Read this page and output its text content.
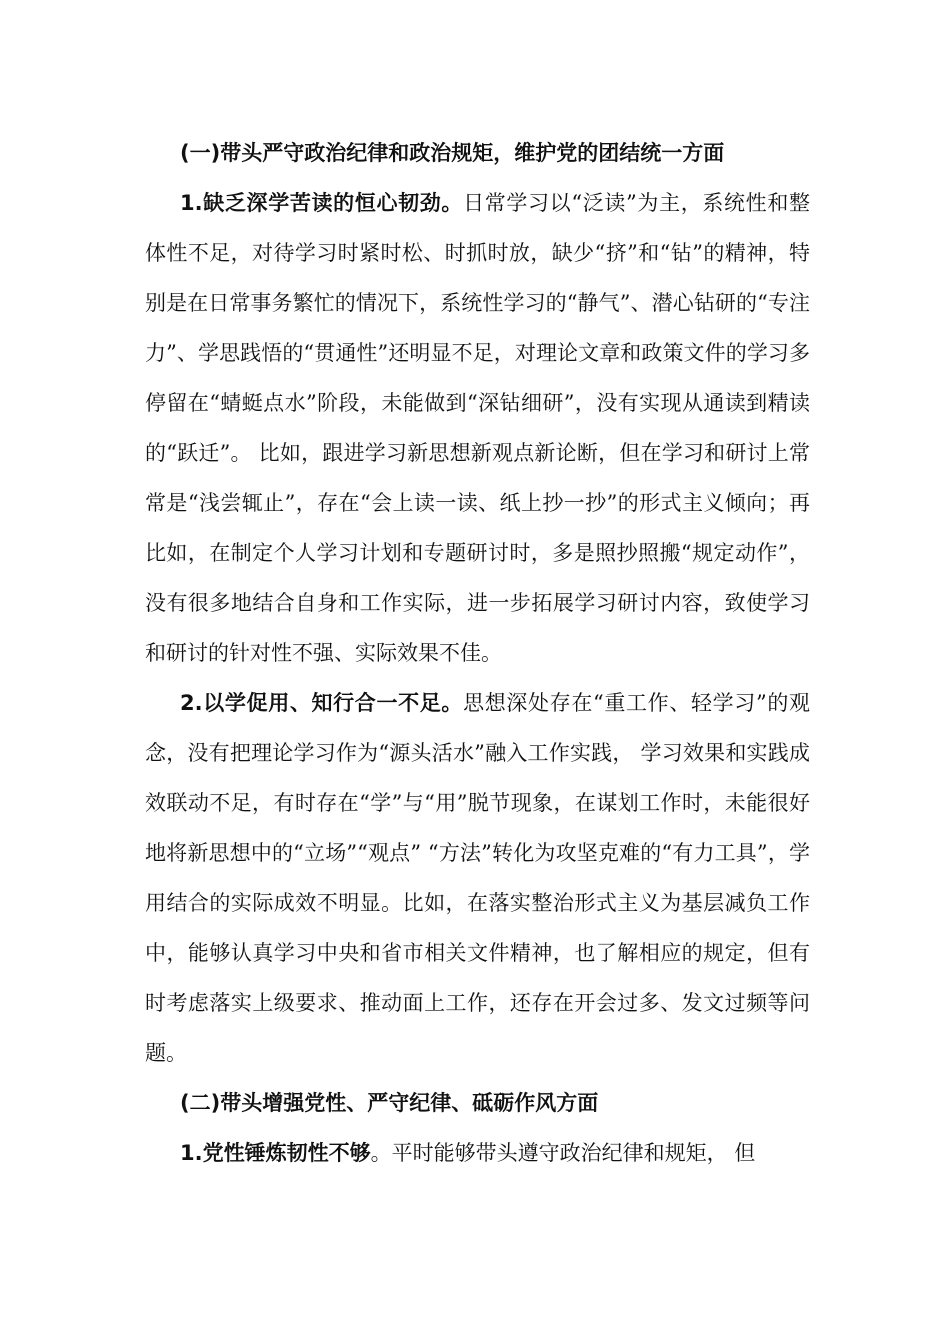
(一)带头严守政治纪律和政治规矩，维护党的团结统一方面

1.缺乏深学苦读的恒心韧劲。日常学习以“泛读”为主，系统性和整体性不足，对待学习时紧时松、时抓时放，缺少“挤”和“钻”的精神，特别是在日常事务繁忙的情况下，系统性学习的“静气”、潜心钻研的“专注力”、学思践悟的“贯通性”还明显不足，对理论文章和政策文件的学习多停留在“蜻蜓点水”阶段，未能做到“深钻细研”，没有实现从通读到精读的“跃迁”。 比如，跟进学习新思想新观点新论断，但在学习和研讨上常常是“浅尝辄止”，存在“会上读一读、纸上抄一抄”的形式主义倾向；再比如，在制定个人学习计划和专题研讨时，多是照抄照搬“规定动作”，没有很多地结合自身和工作实际，进一步拓展学习研讨内容，致使学习和研讨的针对性不强、实际效果不佳。

2.以学促用、知行合一不足。思想深处存在“重工作、轻学习”的观念，没有把理论学习作为“源头活水”融入工作实践， 学习效果和实践成效联动不足，有时存在“学”与“用”脱节现象，在谋划工作时，未能很好地将新思想中的“立场”“观点” “方法”转化为攻坚克难的“有力工具”，学用结合的实际成效不明显。比如，在落实整治形式主义为基层减负工作中，能够认真学习中央和省市相关文件精神，也了解相应的规定，但有时考虑落实上级要求、推动面上工作，还存在开会过多、发文过频等问题。

(二)带头增强党性、严守纪律、砥砺作风方面

1.党性锤炼韧性不够。平时能够带头遵守政治纪律和规矩， 但
